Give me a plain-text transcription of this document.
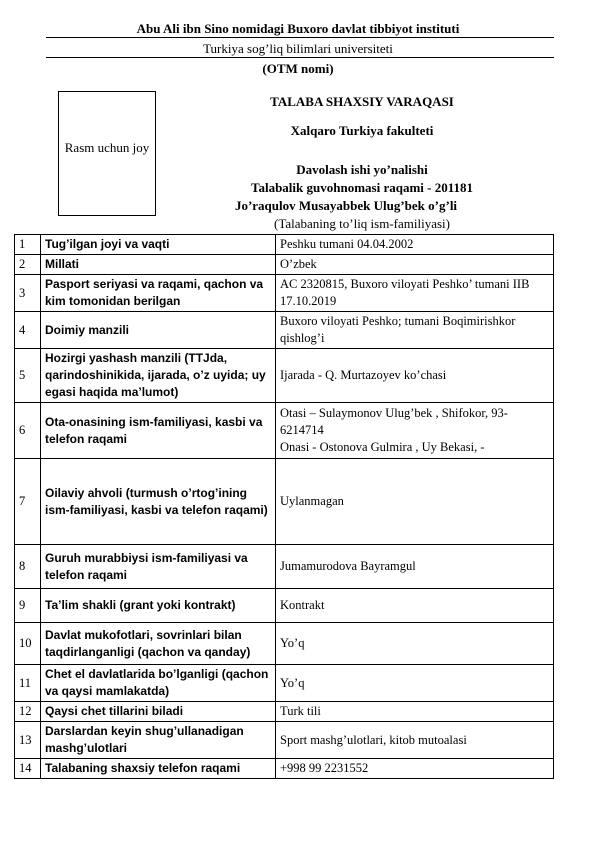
Abu Ali ibn Sino nomidagi Buxoro davlat tibbiyot instituti
Turkiya sog’liq bilimlari universiteti
(OTM nomi)
Rasm uchun joy
TALABA SHAXSIY VARAQASI
Xalqaro Turkiya fakulteti
Davolash ishi yo’nalishi
Talabalik guvohnomasi raqami - 201181
Jo’raqulov Musayabbek Ulug’bek o’g’li
(Talabaning to’liq ism-familiyasi)
1	Tug’ilgan joyi va vaqti	Peshku tumani 04.04.2002

2	Millati	O’zbek

3	Pasport seriyasi va raqami, qachon va kim tomonidan berilgan	AC 2320815, Buxoro viloyati Peshko’ tumani IIB 17.10.2019

4	Doimiy manzili	Buxoro viloyati Peshko; tumani Boqimirishkor qishlog’i

5	Hozirgi yashash manzili (TTJda, qarindoshinikida, ijarada, o’z uyida; uy egasi haqida ma’lumot)	Ijarada - Q. Murtazoyev ko’chasi

6	Ota-onasining ism-familiyasi, kasbi va telefon raqami	Otasi – Sulaymonov Ulug’bek , Shifokor, 93-6214714
Onasi - Ostonova Gulmira , Uy Bekasi, -

7	Oilaviy ahvoli (turmush o’rtog’ining ism-familiyasi, kasbi va telefon raqami)	Uylanmagan

8	Guruh murabbiysi ism-familiyasi va telefon raqami	Jumamurodova Bayramgul

9	Ta’lim shakli (grant yoki kontrakt)	Kontrakt

10	Davlat mukofotlari, sovrinlari bilan taqdirlanganligi (qachon va qanday)	Yo’q

11	Chet el davlatlarida bo’lganligi (qachon va qaysi mamlakatda)	Yo’q

12	Qaysi chet tillarini biladi	Turk tili

13	Darslardan keyin shug’ullanadigan mashg’ulotlari	Sport mashg’ulotlari, kitob mutoalasi

14	Talabaning shaxsiy telefon raqami	+998 99 2231552
